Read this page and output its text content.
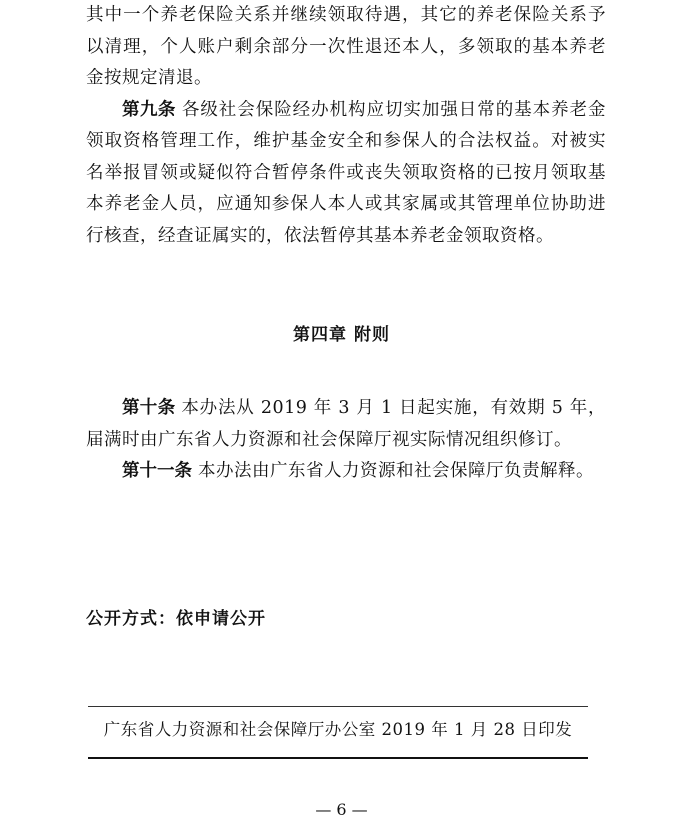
其中一个养老保险关系并继续领取待遇，其它的养老保险关系予以清理，个人账户剩余部分一次性退还本人，多领取的基本养老金按规定清退。

第九条 各级社会保险经办机构应切实加强日常的基本养老金领取资格管理工作，维护基金安全和参保人的合法权益。对被实名举报冒领或疑似符合暂停条件或丧失领取资格的已按月领取基本养老金人员，应通知参保人本人或其家属或其管理单位协助进行核查，经查证属实的，依法暂停其基本养老金领取资格。

第四章 附则

第十条 本办法从 2019 年 3 月 1 日起实施，有效期 5 年，届满时由广东省人力资源和社会保障厅视实际情况组织修订。

第十一条 本办法由广东省人力资源和社会保障厅负责解释。

公开方式：依申请公开

广东省人力资源和社会保障厅办公室 2019 年 1 月 28 日印发

— 6 —
